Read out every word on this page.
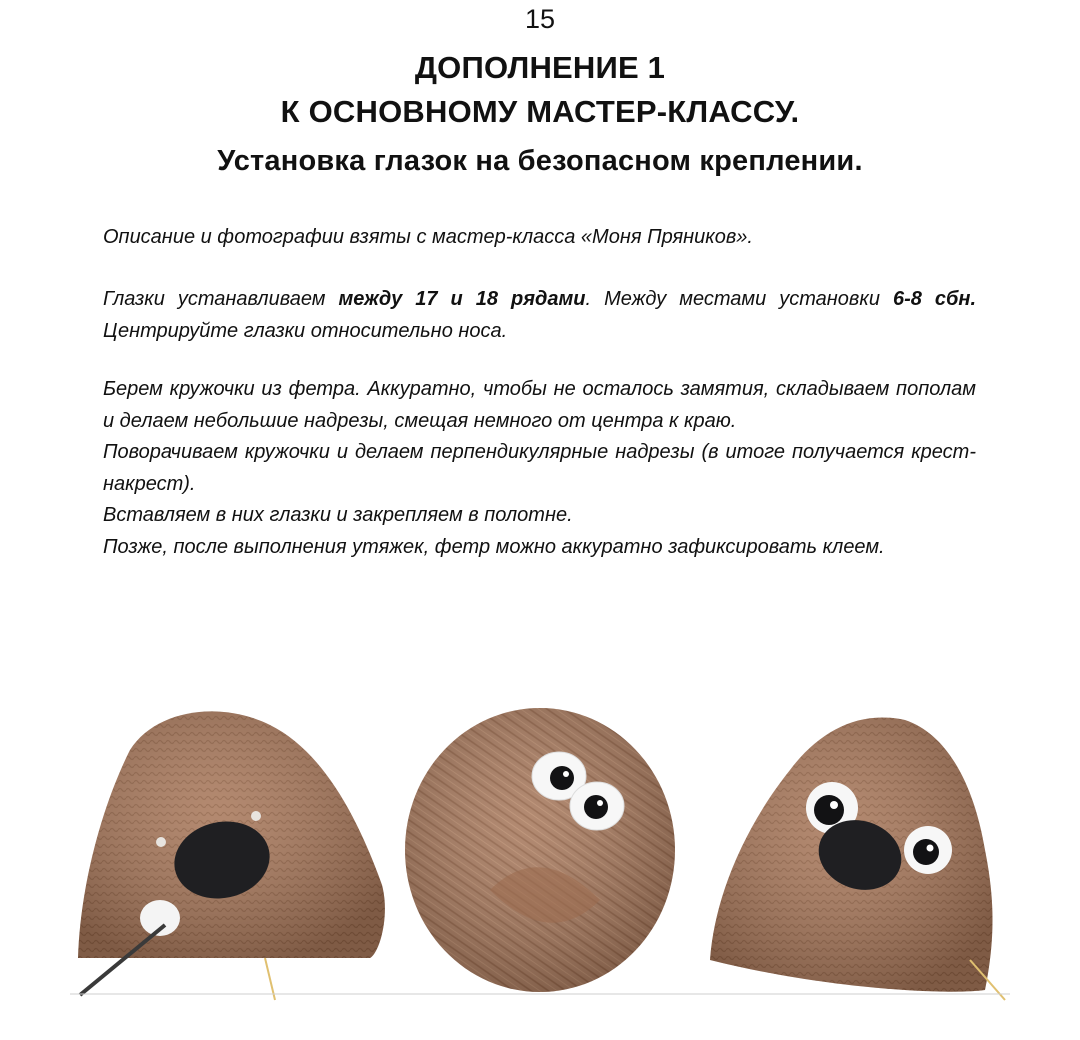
15
ДОПОЛНЕНИЕ 1
К ОСНОВНОМУ МАСТЕР-КЛАССУ.
Установка глазок на безопасном креплении.
Описание и фотографии взяты с мастер-класса «Моня Пряников».
Глазки устанавливаем между 17 и 18 рядами. Между местами установки 6-8 сбн. Центрируйте глазки относительно носа.

Берем кружочки из фетра. Аккуратно, чтобы не осталось замятия, складываем пополам и делаем небольшие надрезы, смещая немного от центра к краю.

Поворачиваем кружочки и делаем перпендикулярные надрезы (в итоге получается крест-накрест).

Вставляем в них глазки и закрепляем в полотне.

Позже, после выполнения утяжек, фетр можно аккуратно зафиксировать клеем.
